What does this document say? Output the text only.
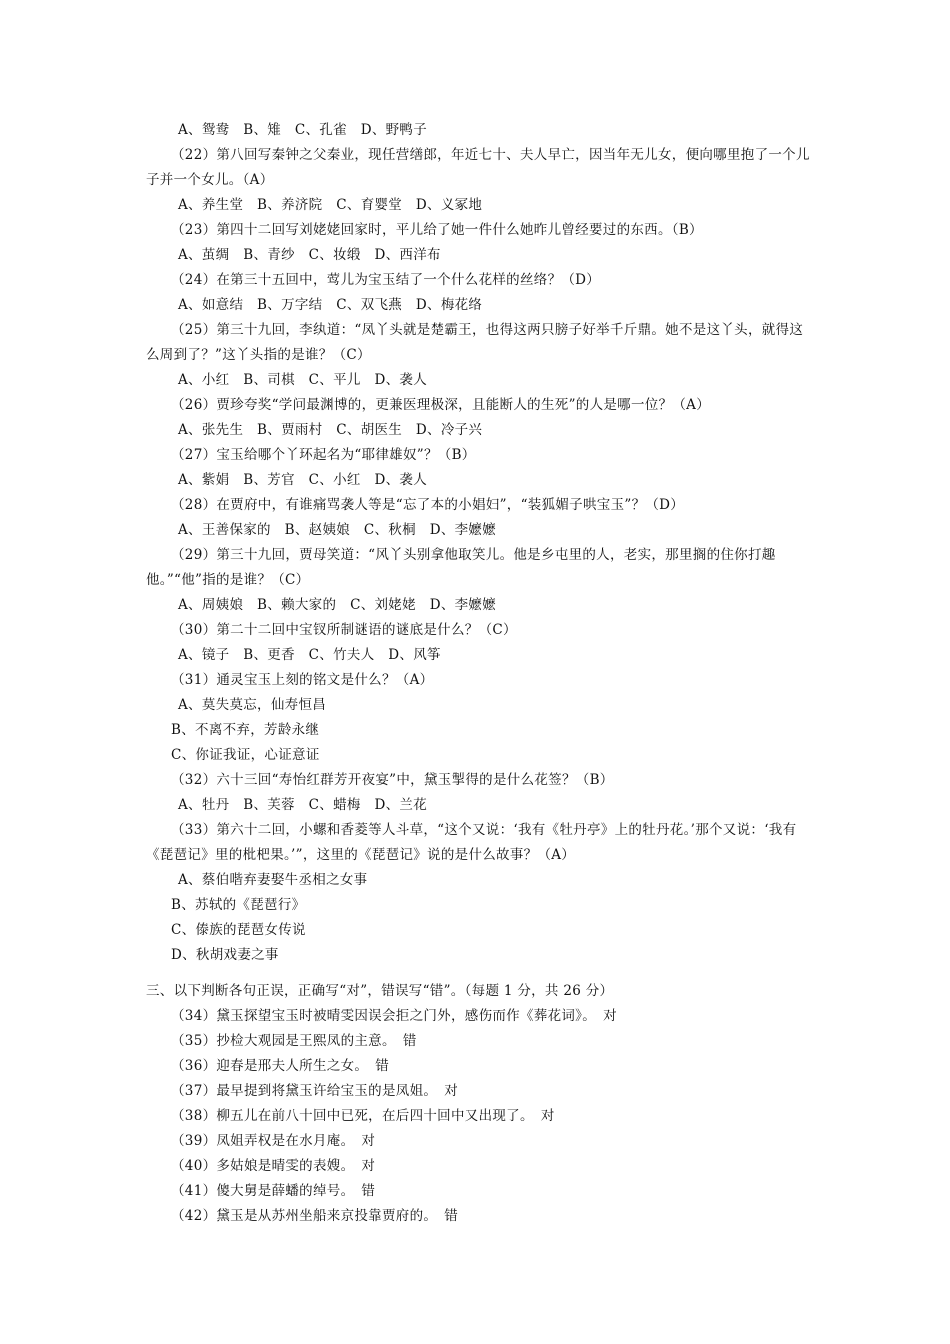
A、鸳鸯　B、雉　C、孔雀　D、野鸭子
（22）第八回写秦钟之父秦业，现任营缮郎，年近七十、夫人早亡，因当年无儿女，便向哪里抱了一个儿子并一个女儿。（A）
A、养生堂　B、养济院　C、育婴堂　D、义冢地
（23）第四十二回写刘姥姥回家时，平儿给了她一件什么她昨儿曾经要过的东西。（B）
A、茧绸　B、青纱　C、妆缎　D、西洋布
（24）在第三十五回中，莺儿为宝玉结了一个什么花样的丝络？（D）
A、如意结　B、万字结　C、双飞燕　D、梅花络
（25）第三十九回，李纨道：“凤丫头就是楚霸王，也得这两只膀子好举千斤鼎。她不是这丫头，就得这么周到了？”这丫头指的是谁？（C）
A、小红　B、司棋　C、平儿　D、袭人
（26）贾珍夸奖“学问最渊博的，更兼医理极深，且能断人的生死”的人是哪一位？（A）
A、张先生　B、贾雨村　C、胡医生　D、冷子兴
（27）宝玉给哪个丫环起名为“耶律雄奴”？（B）
A、紫娟　B、芳官　C、小红　D、袭人
（28）在贾府中，有谁痛骂袭人等是“忘了本的小娼妇”，“装狐媚子哄宝玉”？（D）
A、王善保家的　B、赵姨娘　C、秋桐　D、李嬷嬷
（29）第三十九回，贾母笑道：“风丫头别拿他取笑儿。他是乡屯里的人，老实，那里搁的住你打趣他。”“他”指的是谁？（C）
A、周姨娘　B、赖大家的　C、刘姥姥　D、李嬷嬷
（30）第二十二回中宝钗所制谜语的谜底是什么？（C）
A、镜子　B、更香　C、竹夫人　D、风筝
（31）通灵宝玉上刻的铭文是什么？（A）
A、莫失莫忘，仙寿恒昌
B、不离不弃，芳龄永继
C、你证我证，心证意证
（32）六十三回“寿怡红群芳开夜宴”中，黛玉掣得的是什么花签？（B）
A、牡丹　B、芙蓉　C、蜡梅　D、兰花
（33）第六十二回，小螺和香菱等人斗草，“这个又说：‘我有《牡丹亭》上的牡丹花。’那个又说：‘我有《琵琶记》里的枇杷果。’”，这里的《琵琶记》说的是什么故事？（A）
A、蔡伯喈弃妻娶牛丞相之女事
B、苏轼的《琵琶行》
C、傣族的琵琶女传说
D、秋胡戏妻之事
三、以下判断各句正误，正确写“对”，错误写“错”。（每题 1 分，共 26 分）
（34）黛玉探望宝玉时被晴雯因误会拒之门外，感伤而作《葬花词》。　对
（35）抄检大观园是王熙凤的主意。　错
（36）迎春是邢夫人所生之女。　错
（37）最早提到将黛玉许给宝玉的是凤姐。　对
（38）柳五儿在前八十回中已死，在后四十回中又出现了。　对
（39）凤姐弄权是在水月庵。　对
（40）多姑娘是晴雯的表嫂。　对
（41）傻大舅是薛蟠的绰号。　错
（42）黛玉是从苏州坐船来京投靠贾府的。　错
